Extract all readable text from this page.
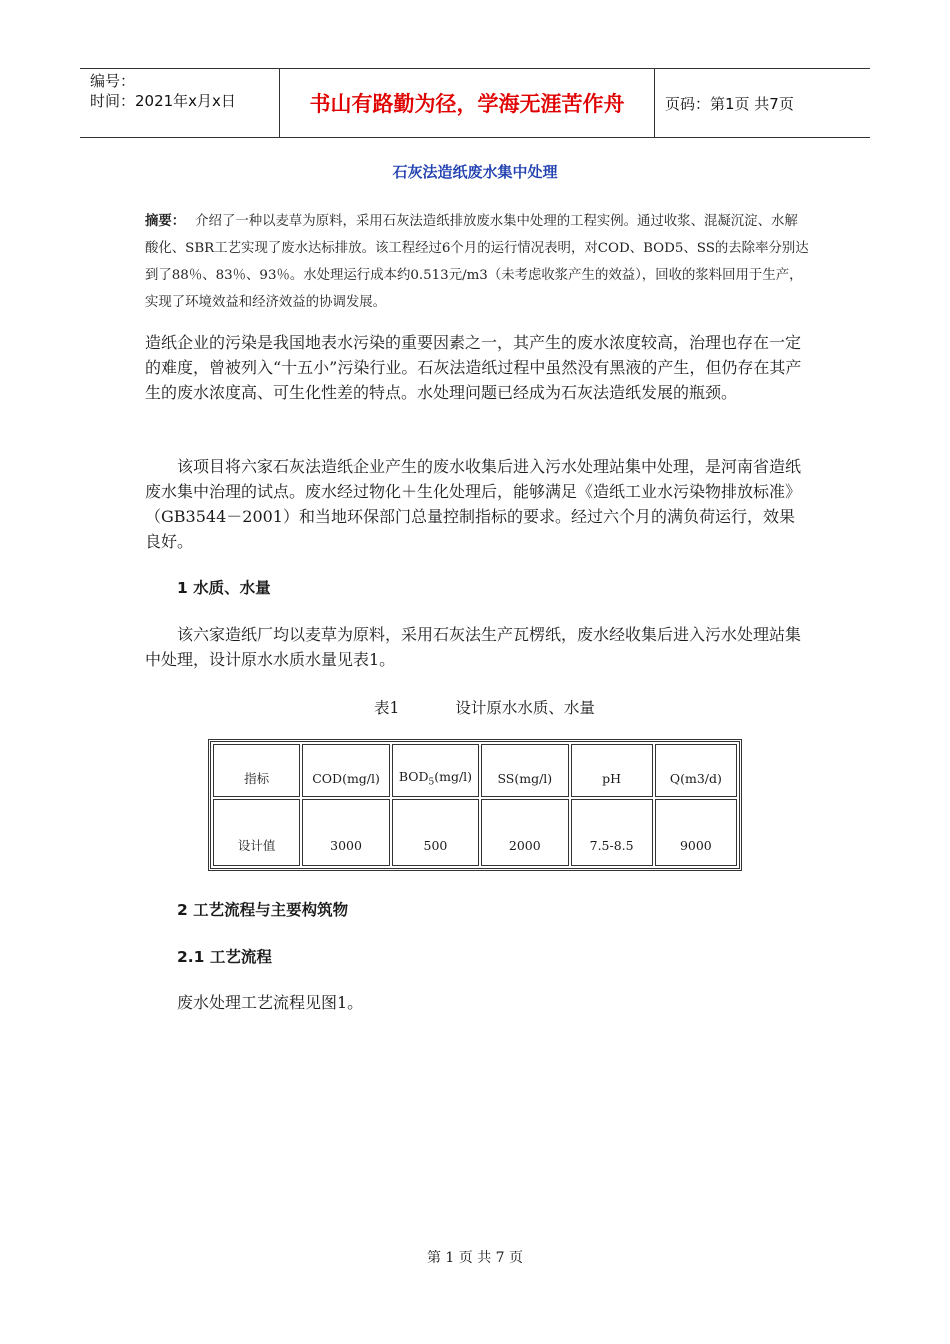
编号：
时间：2021年x月x日	书山有路勤为径，学海无涯苦作舟	页码：第1页 共7页
石灰法造纸废水集中处理
摘要： 介绍了一种以麦草为原料，采用石灰法造纸排放废水集中处理的工程实例。通过收浆、混凝沉淀、水解酸化、SBR工艺实现了废水达标排放。该工程经过6个月的运行情况表明，对COD、BOD5、SS的去除率分别达到了88％、83％、93％。水处理运行成本约0.513元/m3（未考虑收浆产生的效益），回收的浆料回用于生产，实现了环境效益和经济效益的协调发展。
造纸企业的污染是我国地表水污染的重要因素之一，其产生的废水浓度较高，治理也存在一定的难度，曾被列入“十五小”污染行业。石灰法造纸过程中虽然没有黑液的产生，但仍存在其产生的废水浓度高、可生化性差的特点。水处理问题已经成为石灰法造纸发展的瓶颈。
该项目将六家石灰法造纸企业产生的废水收集后进入污水处理站集中处理，是河南省造纸废水集中治理的试点。废水经过物化＋生化处理后，能够满足《造纸工业水污染物排放标准》（GB3544－2001）和当地环保部门总量控制指标的要求。经过六个月的满负荷运行，效果良好。
1 水质、水量
该六家造纸厂均以麦草为原料，采用石灰法生产瓦楞纸，废水经收集后进入污水处理站集中处理，设计原水水质水量见表1。
表1	设计原水水质、水量
指标	COD(mg/l)	$BOD_5(mg/l)$	SS(mg/l)	pH	Q(m3/d)
设计值	3000	500	2000	7.5-8.5	9000
2 工艺流程与主要构筑物
2.1 工艺流程
废水处理工艺流程见图1。
第 1 页 共 7 页
